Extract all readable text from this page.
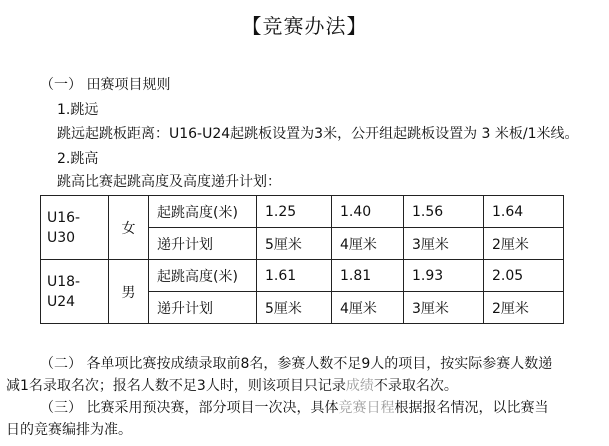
【竞赛办法】
（一） 田赛项目规则
1.跳远
跳远起跳板距离：U16-U24起跳板设置为3米，公开组起跳板设置为 3 米板/1米线。
2.跳高
跳高比赛起跳高度及高度递升计划：
U16-
U30	女	起跳高度(米)	1.25	1.40	1.56	1.64
		递升计划	5厘米	4厘米	3厘米	2厘米
U18-
U24	男	起跳高度(米)	1.61	1.81	1.93	2.05
		递升计划	5厘米	4厘米	3厘米	2厘米
（二） 各单项比赛按成绩录取前8名，参赛人数不足9人的项目，按实际参赛人数递
减1名录取名次；报名人数不足3人时，则该项目只记录成绩不录取名次。
（三） 比赛采用预决赛，部分项目一次决，具体竞赛日程根据报名情况，以比赛当
日的竞赛编排为准。
